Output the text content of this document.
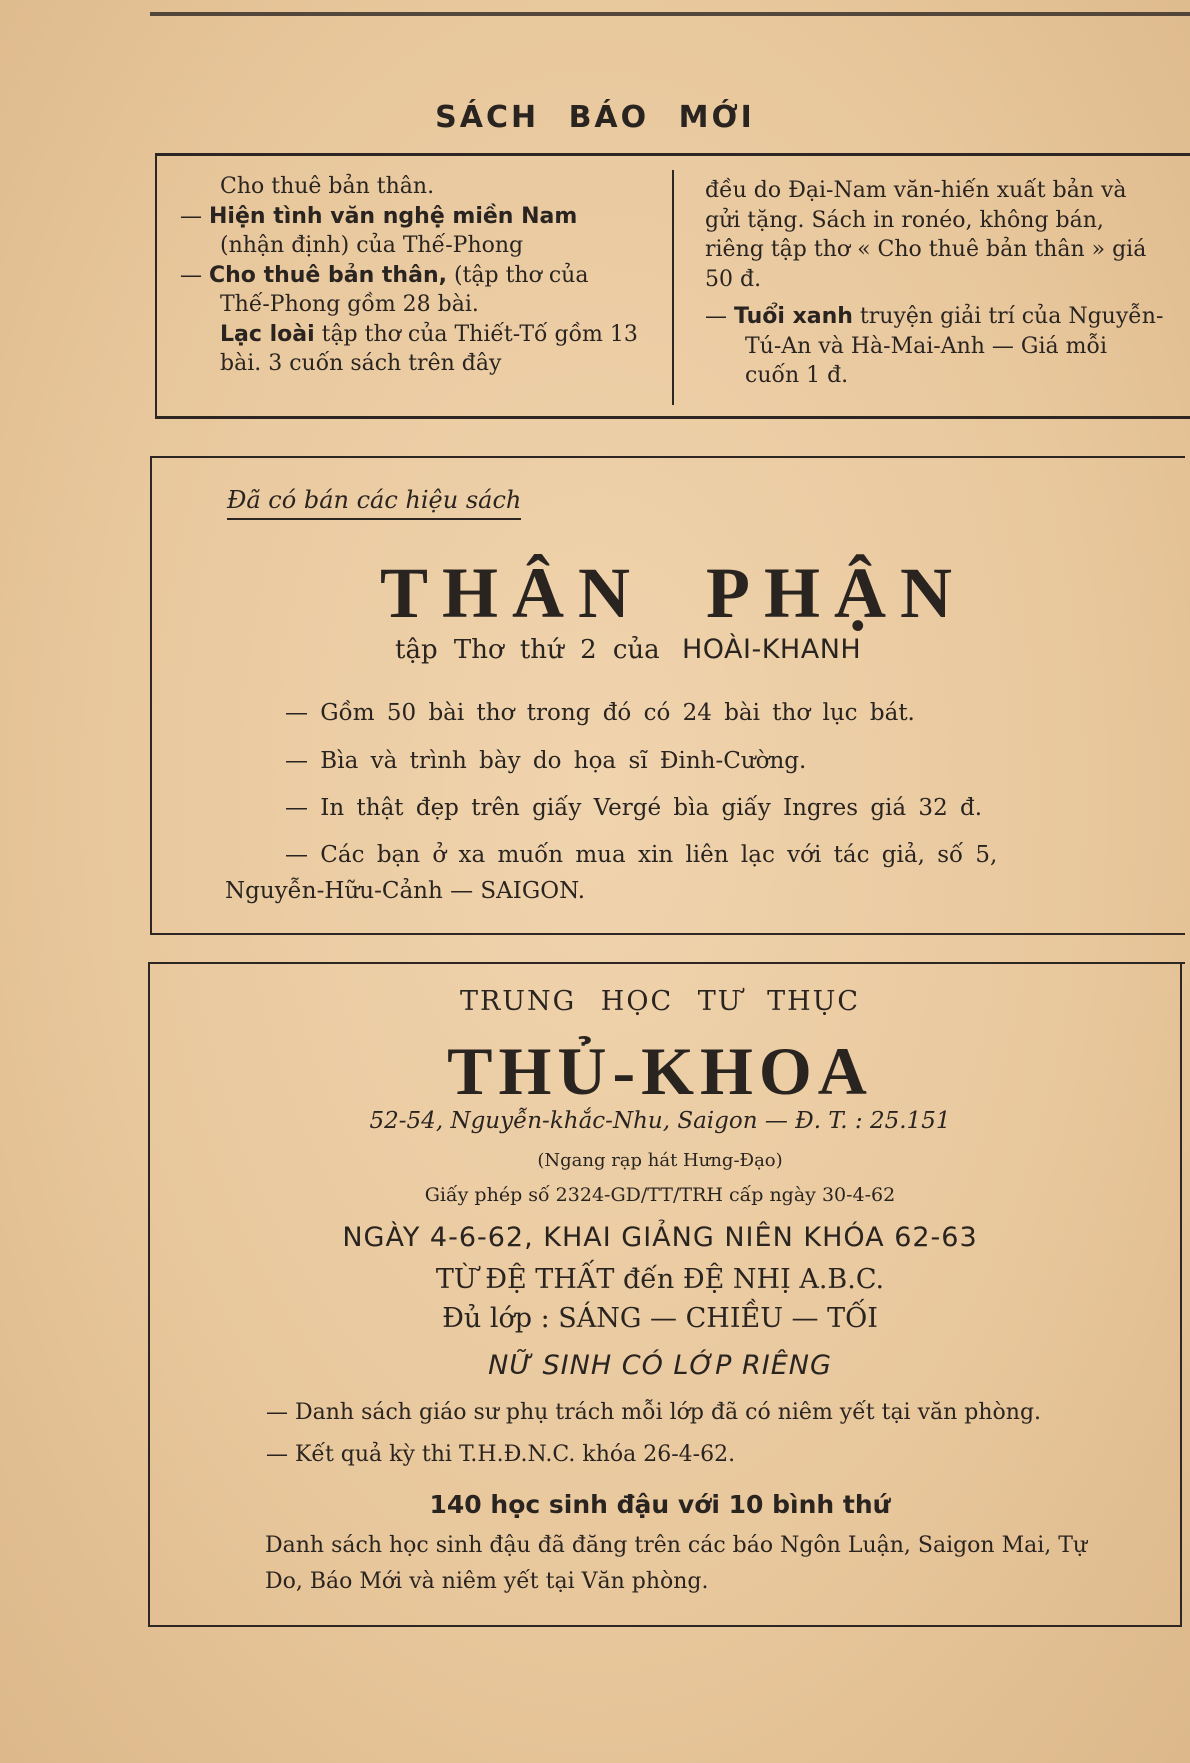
SÁCH BÁO MỚI

Cho thuê bản thân.

— Hiện tình văn nghệ miền Nam (nhận định) của Thế-Phong

— Cho thuê bản thân, (tập thơ của Thế-Phong gồm 28 bài.

Lạc loài tập thơ của Thiết-Tố gồm 13 bài. 3 cuốn sách trên đây

đều do Đại-Nam văn-hiến xuất bản và gửi tặng. Sách in ronéo, không bán, riêng tập thơ « Cho thuê bản thân » giá 50 đ.

— Tuổi xanh truyện giải trí của Nguyễn-Tú-An và Hà-Mai-Anh — Giá mỗi cuốn 1 đ.

Đã có bán các hiệu sách
THÂN PHẬN
tập Thơ thứ 2 của HOÀI-KHANH
— Gồm 50 bài thơ trong đó có 24 bài thơ lục bát.
— Bìa và trình bày do họa sĩ Đinh-Cường.
— In thật đẹp trên giấy Vergé bìa giấy Ingres giá 32 đ.
— Các bạn ở xa muốn mua xin liên lạc với tác giả, số 5,
Nguyễn-Hữu-Cảnh — SAIGON.
TRUNG HỌC TƯ THỤC
THỦ-KHOA
52-54, Nguyễn-khắc-Nhu, Saigon — Đ. T. : 25.151
(Ngang rạp hát Hưng-Đạo)
Giấy phép số 2324-GD/TT/TRH cấp ngày 30-4-62
NGÀY 4-6-62, KHAI GIẢNG NIÊN KHÓA 62-63
TỪ ĐỆ THẤT đến ĐỆ NHỊ A.B.C.
Đủ lớp : SÁNG — CHIỀU — TỐI
NỮ SINH CÓ LỚP RIÊNG
— Danh sách giáo sư phụ trách mỗi lớp đã có niêm yết tại văn phòng.
— Kết quả kỳ thi T.H.Đ.N.C. khóa 26-4-62.
140 học sinh đậu với 10 bình thứ
Danh sách học sinh đậu đã đăng trên các báo Ngôn Luận, Saigon Mai, Tự Do, Báo Mới và niêm yết tại Văn phòng.
